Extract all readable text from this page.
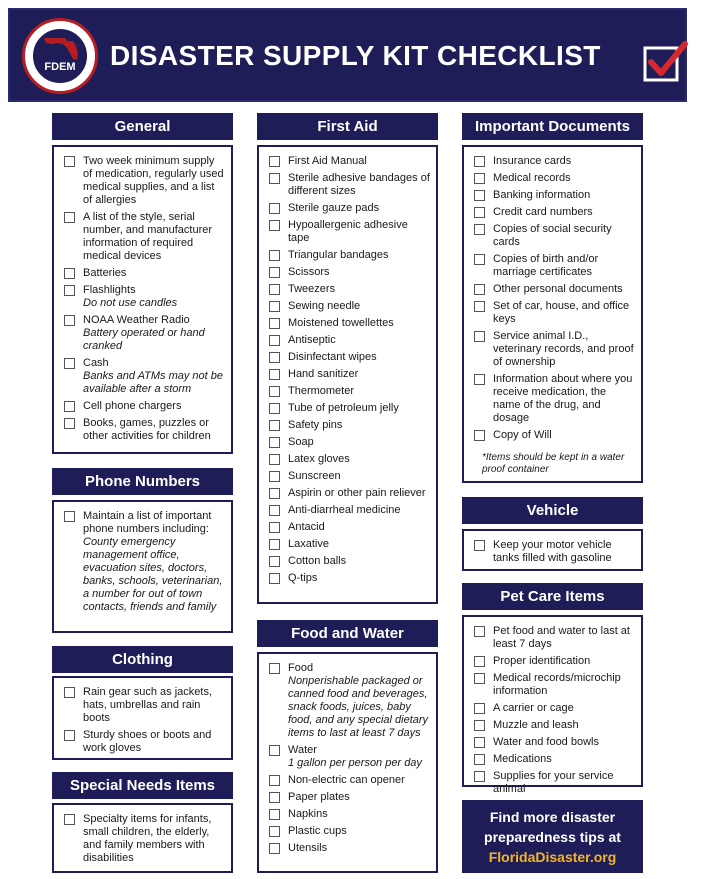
FDEM	DISASTER SUPPLY KIT CHECKLIST
General
Two week minimum supply of medication, regularly used medical supplies, and a list of allergies
A list of the style, serial number, and manufacturer information of required medical devices
Batteries
Flashlights
Do not use candles
NOAA Weather Radio
Battery operated or hand cranked
Cash
Banks and ATMs may not be available after a storm
Cell phone chargers
Books, games, puzzles or other activities for children
Phone Numbers
Maintain a list of important phone numbers including:
County emergency management office, evacuation sites, doctors, banks, schools, veterinarian, a number for out of town contacts, friends and family
Clothing
Rain gear such as jackets, hats, umbrellas and rain boots
Sturdy shoes or boots and work gloves
Special Needs Items
Specialty items for infants, small children, the elderly, and family members with disabilities
First Aid
First Aid Manual
Sterile adhesive bandages of different sizes
Sterile gauze pads
Hypoallergenic adhesive tape
Triangular bandages
Scissors
Tweezers
Sewing needle
Moistened towellettes
Antiseptic
Disinfectant wipes
Hand sanitizer
Thermometer
Tube of petroleum jelly
Safety pins
Soap
Latex gloves
Sunscreen
Aspirin or other pain reliever
Anti-diarrheal medicine
Antacid
Laxative
Cotton balls
Q-tips
Food and Water
Food
Nonperishable packaged or canned food and beverages, snack foods, juices, baby food, and any special dietary items to last at least 7 days
Water
1 gallon per person per day
Non-electric can opener
Paper plates
Napkins
Plastic cups
Utensils
Important Documents
Insurance cards
Medical records
Banking information
Credit card numbers
Copies of social security cards
Copies of birth and/or marriage certificates
Other personal documents
Set of car, house, and office keys
Service animal I.D., veterinary records, and proof of ownership
Information about where you receive medication, the name of the drug, and dosage
Copy of Will
*Items should be kept in a water proof container
Vehicle
Keep your motor vehicle tanks filled with gasoline
Pet Care Items
Pet food and water to last at least 7 days
Proper identification
Medical records/microchip information
A carrier or cage
Muzzle and leash
Water and food bowls
Medications
Supplies for your service animal
Find more disaster
preparedness tips at
FloridaDisaster.org
